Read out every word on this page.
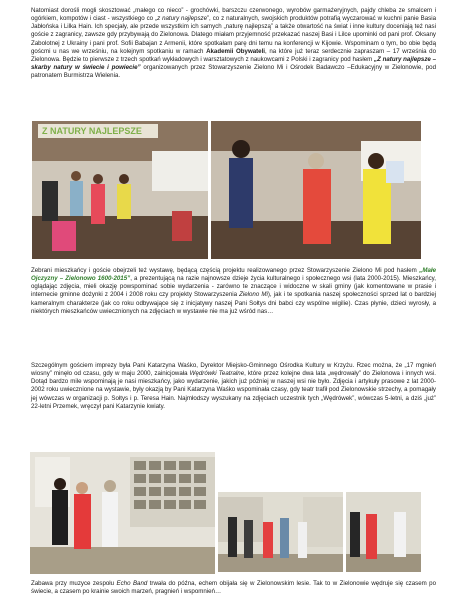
Natomiast dorośli mogli skosztować „małego co nieco” - grochówki, barszczu czerwonego, wyrobów garmażeryjnych, pajdy chleba ze smalcem i ogórkiem, kompotów i ciast - wszystkiego co „z natury najlepsze”, co z naturalnych, swojskich produktów potrafią wyczarować w kuchni panie Basia Jabłońska i Lilka Hain. Ich specjały, ale przede wszystkim ich samych „naturę najlepszą” a także otwartość na świat i inne kultury doceniają też nasi goście z zagranicy, zawsze gdy przybywają do Zielonowa. Dlatego miałam przyjemność przekazać naszej Basi i Lilce upominki od pani prof. Oksany Zabolotnej z Ukrainy i pani prof. Sofii Babajan z Armenii, które spotkałam parę dni temu na konferencji w Kijowie. Wspominam o tym, bo obie będą goścmi u nas we wrześniu, na kolejnym spotkaniu w ramach Akademii Obywateli, na które już teraz serdecznie zapraszam – 17 września do Zielonowa. Będzie to pierwsze z trzech spotkań wykładowych i warsztatowych z naukowcami z Polski i zagranicy pod hasłem „Z natury najlepsze – skarby natury w świecie i powiecie” organizowanych przez Stowarzyszenie Zielono Mi i Ośrodek Badawczo –Edukacyjny w Zielonowie, pod patronatem Burmistrza Wielenia.

Z NATURY NAJLEPSZE

Zebrani mieszkańcy i goście obejrzeli też wystawę, będącą częścią projektu realizowanego przez Stowarzyszenie Zielono Mi pod hasłem „Małe Ojczyzny – Zielonowo 1600-2015”, a prezentującą na razie najnowsze dzieje życia kulturalnego i społecznego wsi (lata 2000-2015). Mieszkańcy, oglądając zdjęcia, mieli okazję powspominać sobie wydarzenia - zarówno te znaczące i widoczne w skali gminy (jak komentowane w prasie i internecie gminne dożynki z 2004 i 2008 roku czy projekty Stowarzyszenia Zielono Mi), jak i te spotkania naszej społeczności sprzed lat o bardziej kameralnym charakterze (jak co roku odbywające się z inicjatywy naszej Pani Sołtys dni babci czy wspólne wigilie). Czas płynie, dzieci wyrosły, a niektórych mieszkańców uwiecznionych na zdjęciach w wystawie nie ma już wśród nas…

Szczególnym gościem imprezy była Pani Katarzyna Waśko, Dyrektor Miejsko-Gminnego Ośrodka Kultury w Krzyżu. Rzec można, że „17 mgnień wiosny” minęło od czasu, gdy w maju 2000, zainicjowała Wędrówki Teatralne, które przez kolejne dwa lata „wędrowały” do Zielonowa i innych wsi. Dotąd bardzo mile wspominają je nasi mieszkańcy, jako wydarzenie, jakich już później w naszej wsi nie było. Zdjęcia i artykuły prasowe z lat 2000-2002 roku uwiecznione na wystawie, były okazją by Pani Katarzyna Waśko wspominała czasy, gdy teatr trafił pod Zielonowskie strzechy, a pomagały jej wówczas w organizacji p. Sołtys i p. Teresa Hain. Najmłodszy wyszukany na zdjęciach uczestnik tych „Wędrówek”, wówczas 5-letni, a dziś „już” 22-letni Przemek, wręczył pani Katarzynie kwiaty.

Zabawa przy muzyce zespołu Echo Band trwała do późna, echem obijała się w Zielonowskim lesie. Tak to w Zielonowie wędruje się czasem po świecie, a czasem po krainie swoich marzeń, pragnień i wspomnień…
